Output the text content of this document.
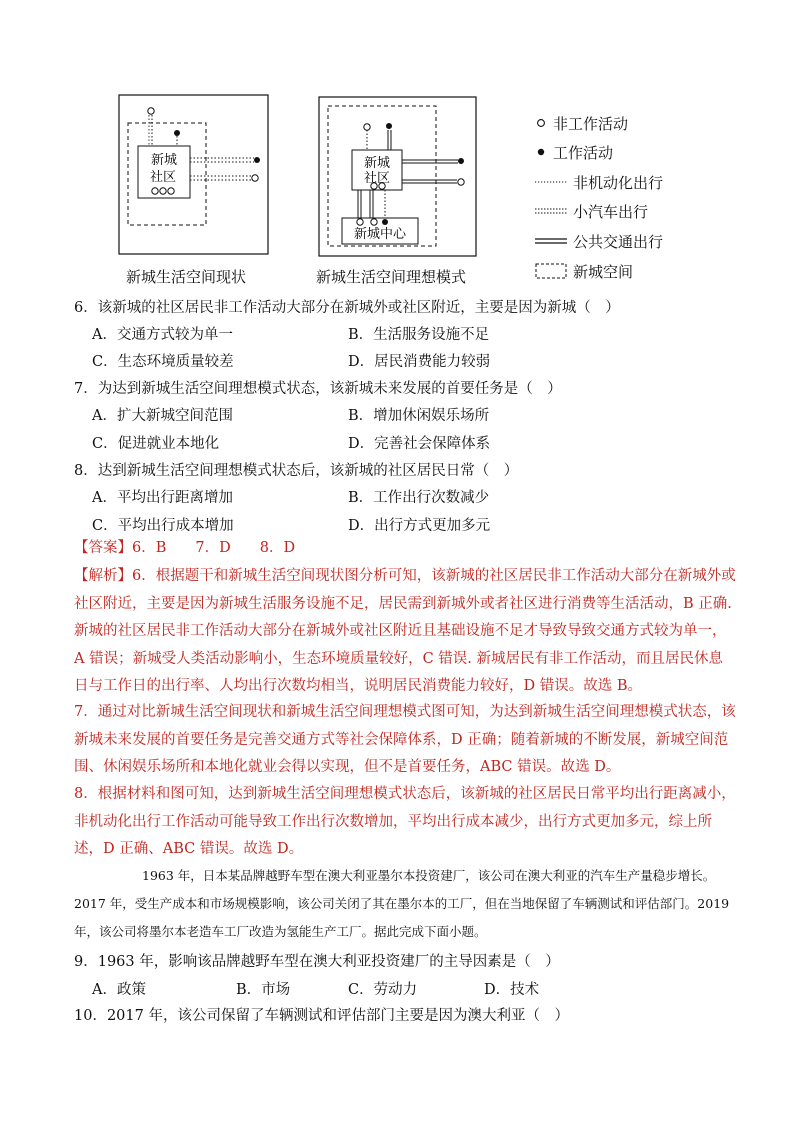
新城
社区
新城
社区
新城中心
新城生活空间现状	新城生活空间理想模式
非工作活动
工作活动
非机动化出行
小汽车出行
公共交通出行
新城空间
6．该新城的社区居民非工作活动大部分在新城外或社区附近，主要是因为新城（　）
A．交通方式较为单一	B．生活服务设施不足
C．生态环境质量较差	D．居民消费能力较弱
7．为达到新城生活空间理想模式状态，该新城未来发展的首要任务是（　）
A．扩大新城空间范围	B．增加休闲娱乐场所
C．促进就业本地化	D．完善社会保障体系
8．达到新城生活空间理想模式状态后，该新城的社区居民日常（　）
A．平均出行距离增加	B．工作出行次数减少
C．平均出行成本增加	D．出行方式更加多元
【答案】6．B　　7．D　　8．D
【解析】6．根据题干和新城生活空间现状图分析可知，该新城的社区居民非工作活动大部分在新城外或社区附近，主要是因为新城生活服务设施不足，居民需到新城外或者社区进行消费等生活活动，B 正确. 新城的社区居民非工作活动大部分在新城外或社区附近且基础设施不足才导致导致交通方式较为单一，A 错误；新城受人类活动影响小，生态环境质量较好，C 错误. 新城居民有非工作活动，而且居民休息日与工作日的出行率、人均出行次数均相当，说明居民消费能力较好，D 错误。故选 B。
7．通过对比新城生活空间现状和新城生活空间理想模式图可知，为达到新城生活空间理想模式状态，该新城未来发展的首要任务是完善交通方式等社会保障体系，D 正确；随着新城的不断发展，新城空间范围、休闲娱乐场所和本地化就业会得以实现，但不是首要任务，ABC 错误。故选 D。
8．根据材料和图可知，达到新城生活空间理想模式状态后，该新城的社区居民日常平均出行距离减小，非机动化出行工作活动可能导致工作出行次数增加，平均出行成本减少，出行方式更加多元，综上所述，D 正确、ABC 错误。故选 D。
1963 年，日本某品牌越野车型在澳大利亚墨尔本投资建厂，该公司在澳大利亚的汽车生产量稳步增长。2017 年，受生产成本和市场规模影响，该公司关闭了其在墨尔本的工厂，但在当地保留了车辆测试和评估部门。2019 年，该公司将墨尔本老造车工厂改造为氢能生产工厂。据此完成下面小题。
9．1963 年，影响该品牌越野车型在澳大利亚投资建厂的主导因素是（　）
A．政策	B．市场	C．劳动力	D．技术
10．2017 年，该公司保留了车辆测试和评估部门主要是因为澳大利亚（　）
